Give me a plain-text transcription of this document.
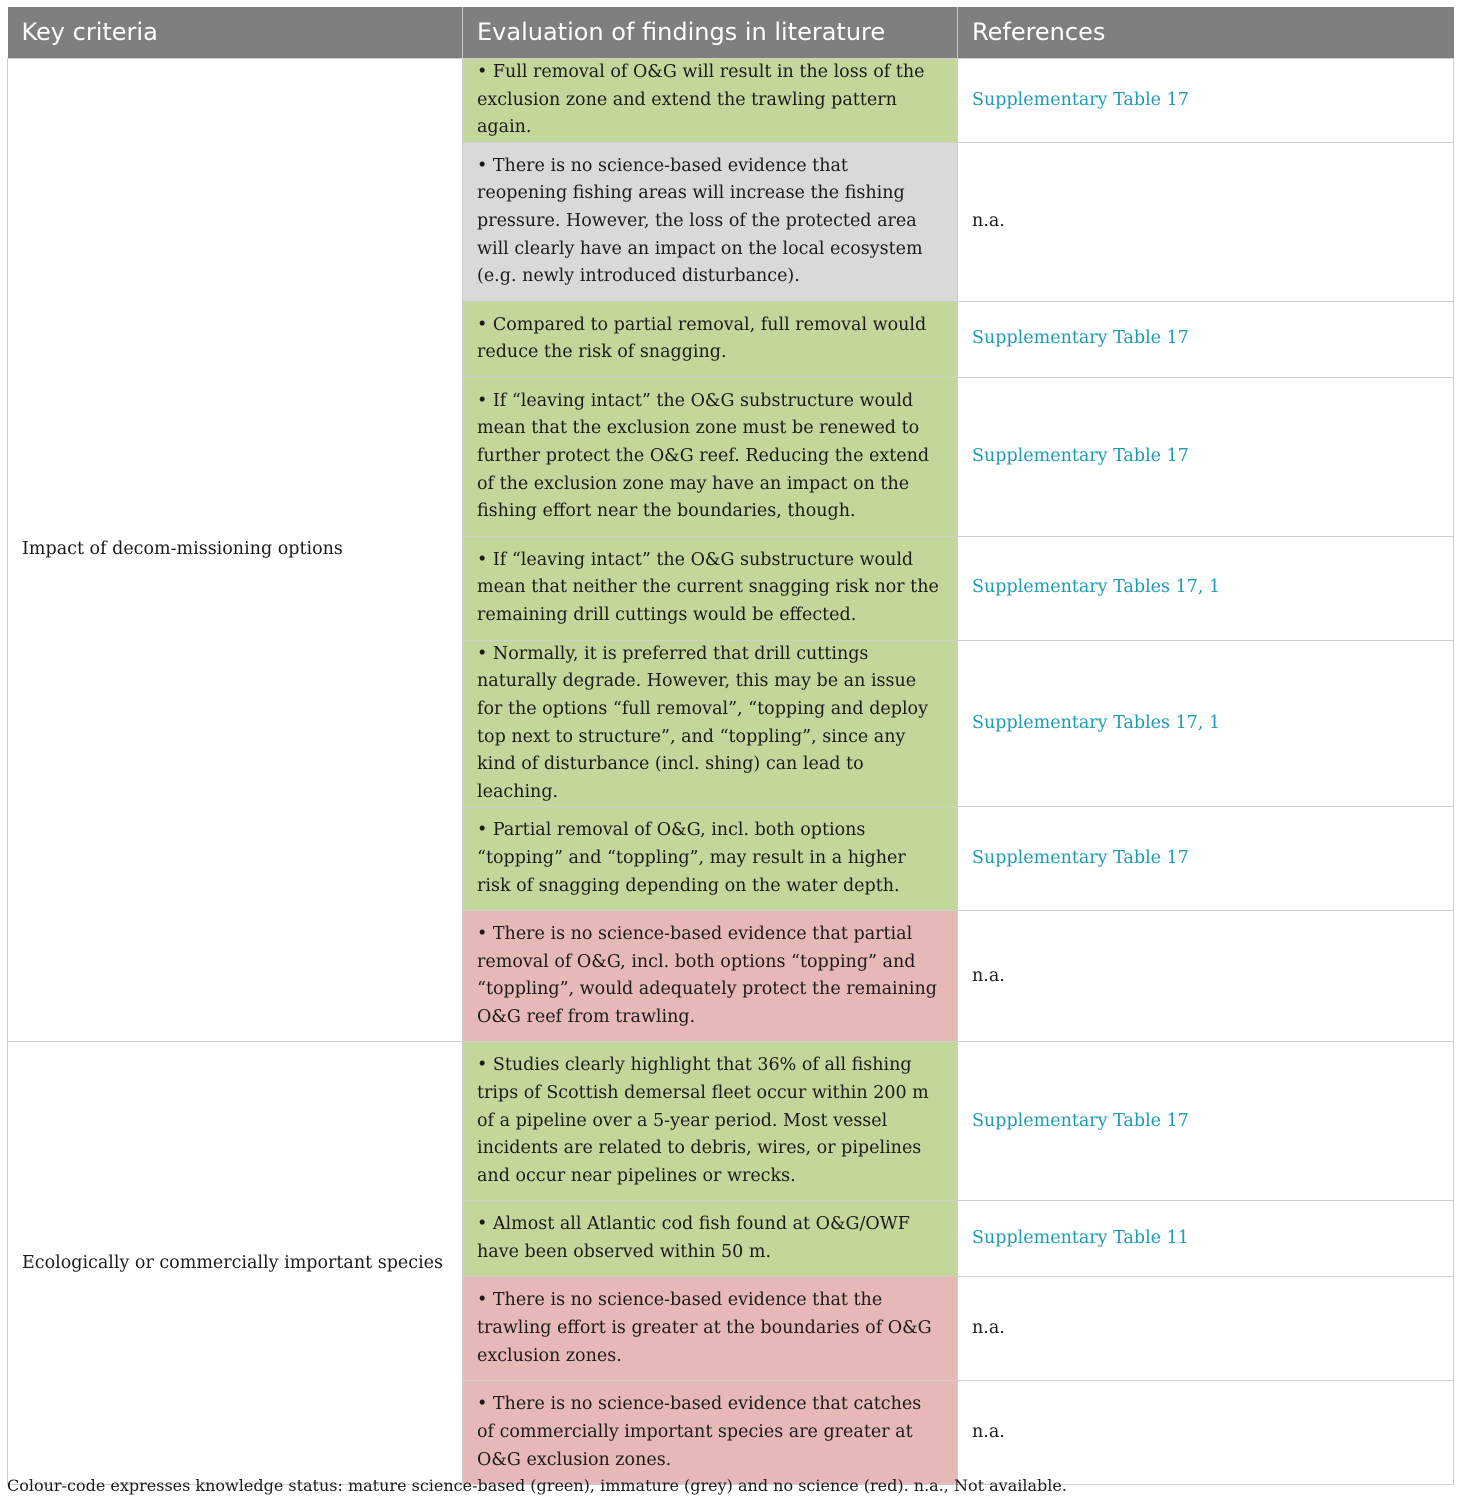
Key criteria	Evaluation of findings in literature	References
Impact of decom-missioning options	• Full removal of O&G will result in the loss of the exclusion zone and extend the trawling pattern again.	Supplementary Table 17
	• There is no science-based evidence that reopening fishing areas will increase the fishing pressure. However, the loss of the protected area will clearly have an impact on the local ecosystem (e.g. newly introduced disturbance).	n.a.
	• Compared to partial removal, full removal would reduce the risk of snagging.	Supplementary Table 17
	• If “leaving intact” the O&G substructure would mean that the exclusion zone must be renewed to further protect the O&G reef. Reducing the extend of the exclusion zone may have an impact on the fishing effort near the boundaries, though.	Supplementary Table 17
	• If “leaving intact” the O&G substructure would mean that neither the current snagging risk nor the remaining drill cuttings would be effected.	Supplementary Tables 17, 1
	• Normally, it is preferred that drill cuttings naturally degrade. However, this may be an issue for the options “full removal”, “topping and deploy top next to structure”, and “toppling”, since any kind of disturbance (incl. shing) can lead to leaching.	Supplementary Tables 17, 1
	• Partial removal of O&G, incl. both options “topping” and “toppling”, may result in a higher risk of snagging depending on the water depth.	Supplementary Table 17
	• There is no science-based evidence that partial removal of O&G, incl. both options “topping” and “toppling”, would adequately protect the remaining O&G reef from trawling.	n.a.
Ecologically or commercially important species	• Studies clearly highlight that 36% of all fishing trips of Scottish demersal fleet occur within 200 m of a pipeline over a 5-year period. Most vessel incidents are related to debris, wires, or pipelines and occur near pipelines or wrecks.	Supplementary Table 17
	• Almost all Atlantic cod fish found at O&G/OWF have been observed within 50 m.	Supplementary Table 11
	• There is no science-based evidence that the trawling effort is greater at the boundaries of O&G exclusion zones.	n.a.
	• There is no science-based evidence that catches of commercially important species are greater at O&G exclusion zones.	n.a.
Colour-code expresses knowledge status: mature science-based (green), immature (grey) and no science (red). n.a., Not available.
